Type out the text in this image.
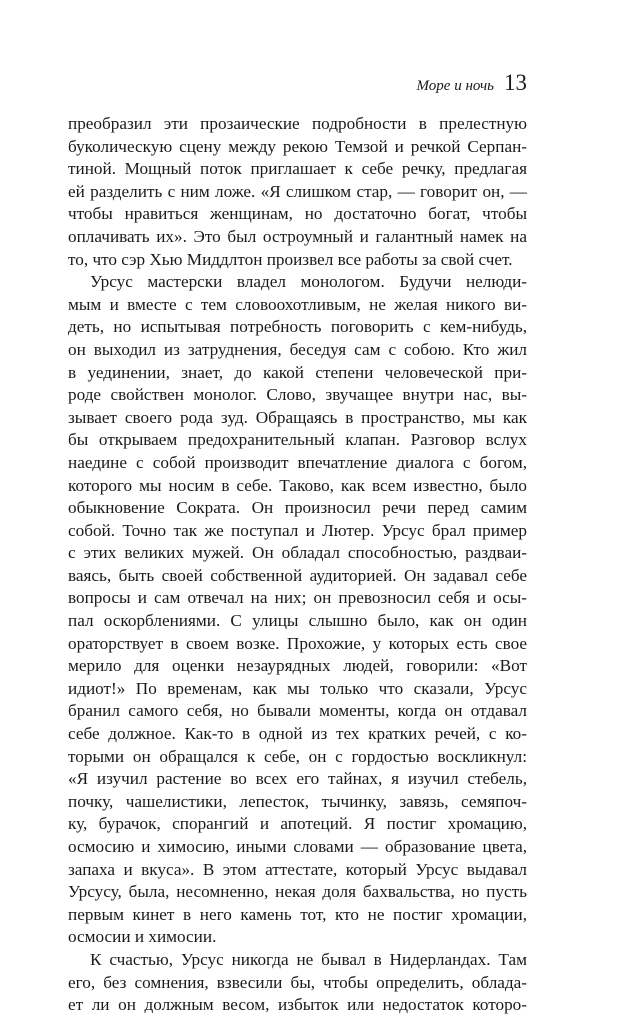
Море и ночь 13
преобразил эти прозаические подробности в прелестную
буколическую сцену между рекою Темзой и речкой Серпан-
тиной. Мощный поток приглашает к себе речку, предлагая
ей разделить с ним ложе. «Я слишком стар, — говорит он, —
чтобы нравиться женщинам, но достаточно богат, чтобы
оплачивать их». Это был остроумный и галантный намек на
то, что сэр Хью Миддлтон произвел все работы за свой счет.
Урсус мастерски владел монологом. Будучи нелюди-
мым и вместе с тем словоохотливым, не желая никого ви-
деть, но испытывая потребность поговорить с кем-нибудь,
он выходил из затруднения, беседуя сам с собою. Кто жил
в уединении, знает, до какой степени человеческой при-
роде свойствен монолог. Слово, звучащее внутри нас, вы-
зывает своего рода зуд. Обращаясь в пространство, мы как
бы открываем предохранительный клапан. Разговор вслух
наедине с собой производит впечатление диалога с богом,
которого мы носим в себе. Таково, как всем известно, было
обыкновение Сократа. Он произносил речи перед самим
собой. Точно так же поступал и Лютер. Урсус брал пример
с этих великих мужей. Он обладал способностью, раздваи-
ваясь, быть своей собственной аудиторией. Он задавал себе
вопросы и сам отвечал на них; он превозносил себя и осы-
пал оскорблениями. С улицы слышно было, как он один
ораторствует в своем возке. Прохожие, у которых есть свое
мерило для оценки незаурядных людей, говорили: «Вот
идиот!» По временам, как мы только что сказали, Урсус
бранил самого себя, но бывали моменты, когда он отдавал
себе должное. Как-то в одной из тех кратких речей, с ко-
торыми он обращался к себе, он с гордостью воскликнул:
«Я изучил растение во всех его тайнах, я изучил стебель,
почку, чашелистики, лепесток, тычинку, завязь, семяпоч-
ку, бурачок, спорангий и апотеций. Я постиг хромацию,
осмосию и химосию, иными словами — образование цвета,
запаха и вкуса». В этом аттестате, который Урсус выдавал
Урсусу, была, несомненно, некая доля бахвальства, но пусть
первым кинет в него камень тот, кто не постиг хромации,
осмосии и химосии.
К счастью, Урсус никогда не бывал в Нидерландах. Там
его, без сомнения, взвесили бы, чтобы определить, облада-
ет ли он должным весом, избыток или недостаток которо-
